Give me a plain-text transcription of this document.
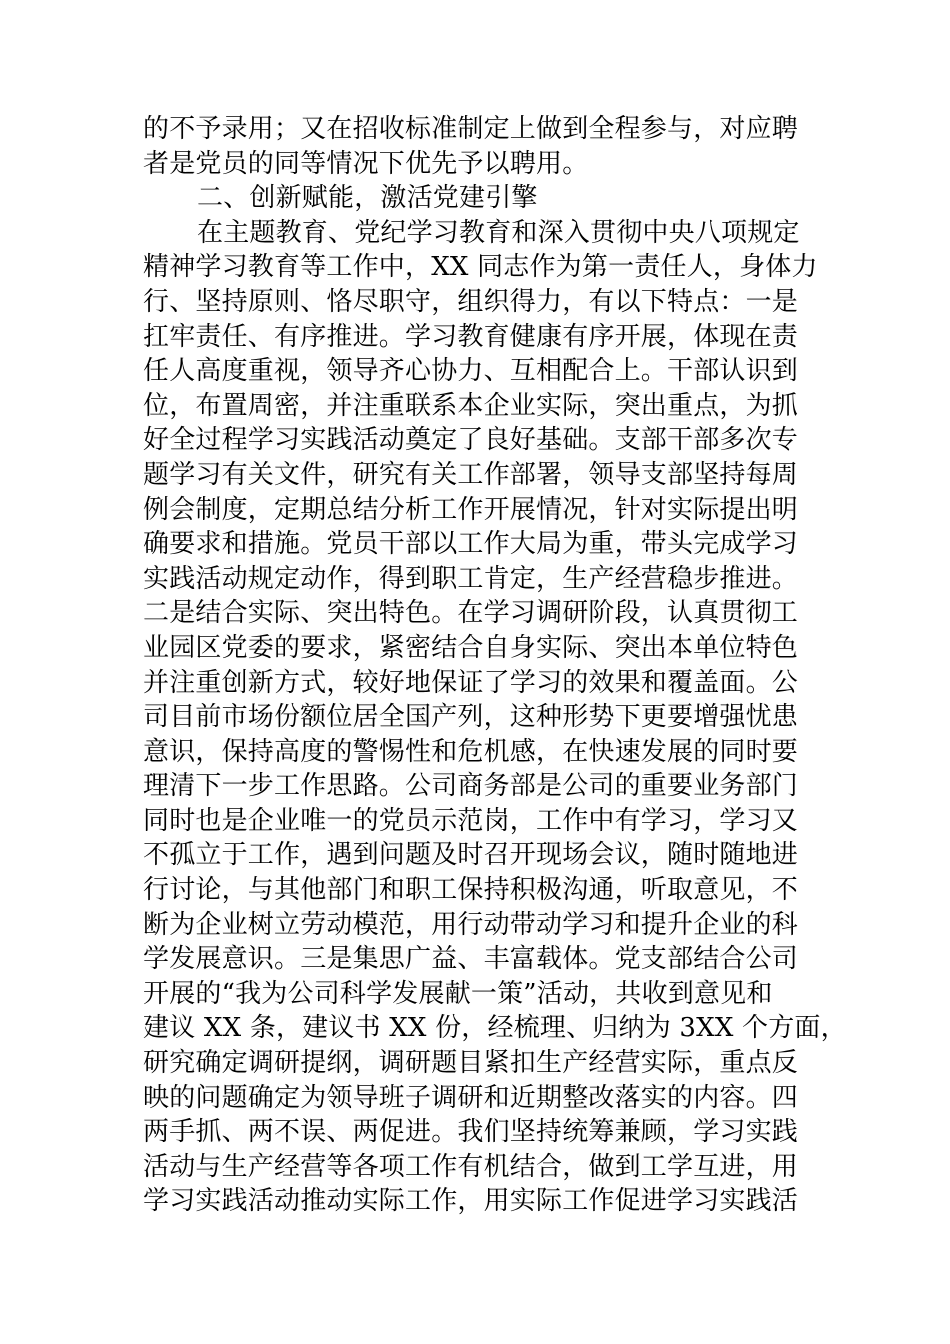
的不予录用；又在招收标准制定上做到全程参与，对应聘
者是党员的同等情况下优先予以聘用。
二、创新赋能，激活党建引擎
在主题教育、党纪学习教育和深入贯彻中央八项规定
精神学习教育等工作中，XX 同志作为第一责任人，身体力
行、坚持原则、恪尽职守，组织得力，有以下特点：一是
扛牢责任、有序推进。学习教育健康有序开展，体现在责
任人高度重视，领导齐心协力、互相配合上。干部认识到
位，布置周密，并注重联系本企业实际，突出重点，为抓
好全过程学习实践活动奠定了良好基础。支部干部多次专
题学习有关文件，研究有关工作部署，领导支部坚持每周
例会制度，定期总结分析工作开展情况，针对实际提出明
确要求和措施。党员干部以工作大局为重，带头完成学习
实践活动规定动作，得到职工肯定，生产经营稳步推进。
二是结合实际、突出特色。在学习调研阶段，认真贯彻工
业园区党委的要求，紧密结合自身实际、突出本单位特色
并注重创新方式，较好地保证了学习的效果和覆盖面。公
司目前市场份额位居全国产列，这种形势下更要增强忧患
意识，保持高度的警惕性和危机感，在快速发展的同时要
理清下一步工作思路。公司商务部是公司的重要业务部门
同时也是企业唯一的党员示范岗，工作中有学习，学习又
不孤立于工作，遇到问题及时召开现场会议，随时随地进
行讨论，与其他部门和职工保持积极沟通，听取意见，不
断为企业树立劳动模范，用行动带动学习和提升企业的科
学发展意识。三是集思广益、丰富载体。党支部结合公司
开展的“我为公司科学发展献一策”活动，共收到意见和
建议 XX 条，建议书 XX 份，经梳理、归纳为 3XX 个方面，
研究确定调研提纲，调研题目紧扣生产经营实际，重点反
映的问题确定为领导班子调研和近期整改落实的内容。四
两手抓、两不误、两促进。我们坚持统筹兼顾，学习实践
活动与生产经营等各项工作有机结合，做到工学互进，用
学习实践活动推动实际工作，用实际工作促进学习实践活
